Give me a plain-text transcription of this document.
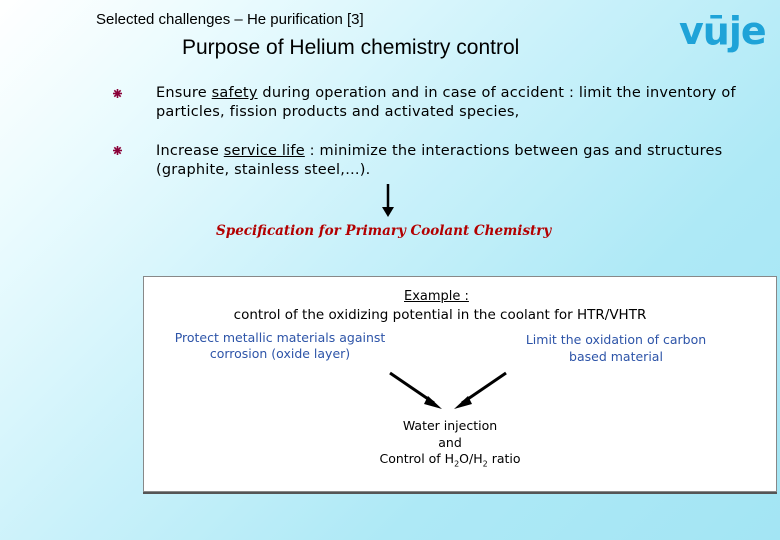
Selected challenges – He purification [3]
Purpose of Helium chemistry control	vūje
Ensure safety during operation and in case of accident : limit the inventory of
particles, fission products and activated species,
Increase service life : minimize the interactions between gas and structures
(graphite, stainless steel,…).
Specification for Primary Coolant Chemistry
Example :
control of the oxidizing potential in the coolant for HTR/VHTR
Protect metallic materials against
corrosion (oxide layer)
Limit the oxidation of carbon
based material
Water injection
and
Control of $H_2O/H_2$ ratio
